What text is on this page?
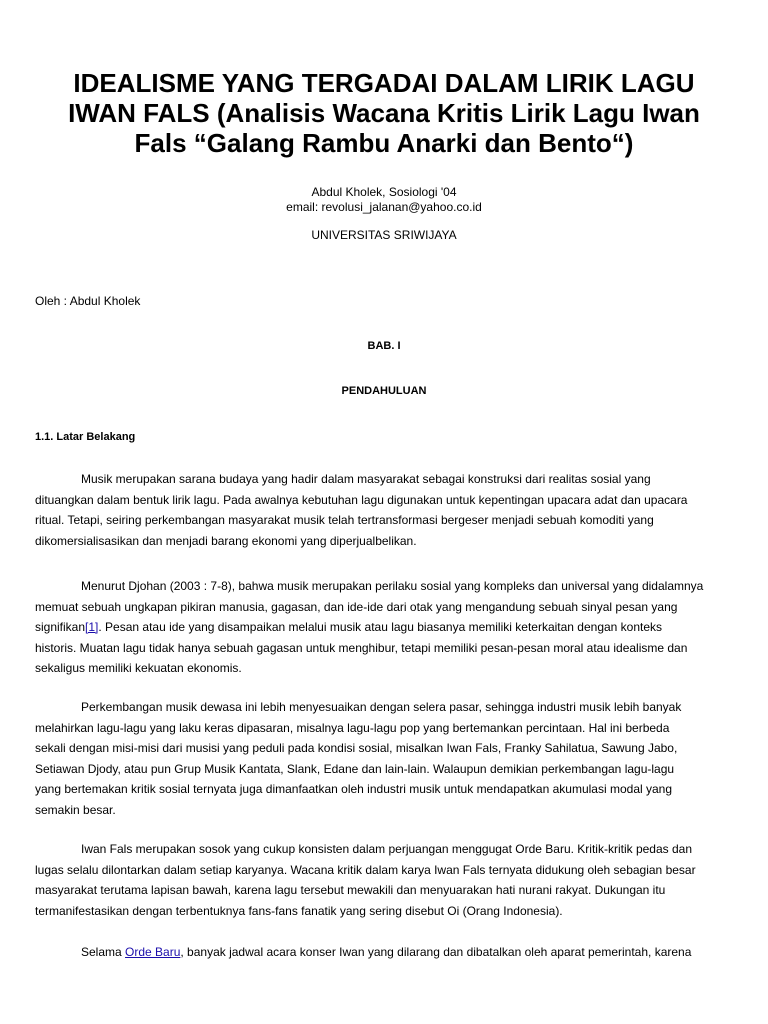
IDEALISME YANG TERGADAI DALAM LIRIK LAGU
IWAN FALS (Analisis Wacana Kritis Lirik Lagu Iwan
Fals “Galang Rambu Anarki dan Bento“)
Abdul Kholek, Sosiologi '04
email: revolusi_jalanan@yahoo.co.id
UNIVERSITAS SRIWIJAYA
Oleh : Abdul Kholek
BAB. I
PENDAHULUAN
1.1. Latar Belakang
Musik merupakan sarana budaya yang hadir dalam masyarakat sebagai konstruksi dari realitas sosial yang
dituangkan dalam bentuk lirik lagu. Pada awalnya kebutuhan lagu digunakan untuk kepentingan upacara adat dan upacara
ritual. Tetapi, seiring perkembangan masyarakat musik telah tertransformasi bergeser menjadi sebuah komoditi yang
dikomersialisasikan dan menjadi barang ekonomi yang diperjualbelikan.
Menurut Djohan (2003 : 7-8), bahwa musik merupakan perilaku sosial yang kompleks dan universal yang didalamnya
memuat sebuah ungkapan pikiran manusia, gagasan, dan ide-ide dari otak yang mengandung sebuah sinyal pesan yang
signifikan[1]. Pesan atau ide yang disampaikan melalui musik atau lagu biasanya memiliki keterkaitan dengan konteks
historis. Muatan lagu tidak hanya sebuah gagasan untuk menghibur, tetapi memiliki pesan-pesan moral atau idealisme dan
sekaligus memiliki kekuatan ekonomis.
Perkembangan musik dewasa ini lebih menyesuaikan dengan selera pasar, sehingga industri musik lebih banyak
melahirkan lagu-lagu yang laku keras dipasaran, misalnya lagu-lagu pop yang bertemankan percintaan. Hal ini berbeda
sekali dengan misi-misi dari musisi yang peduli pada kondisi sosial, misalkan Iwan Fals, Franky Sahilatua, Sawung Jabo,
Setiawan Djody, atau pun Grup Musik Kantata, Slank, Edane dan lain-lain. Walaupun demikian perkembangan lagu-lagu
yang bertemakan kritik sosial ternyata juga dimanfaatkan oleh industri musik untuk mendapatkan akumulasi modal yang
semakin besar.
Iwan Fals merupakan sosok yang cukup konsisten dalam perjuangan menggugat Orde Baru. Kritik-kritik pedas dan
lugas selalu dilontarkan dalam setiap karyanya. Wacana kritik dalam karya Iwan Fals ternyata didukung oleh sebagian besar
masyarakat terutama lapisan bawah, karena lagu tersebut mewakili dan menyuarakan hati nurani rakyat. Dukungan itu
termanifestasikan dengan terbentuknya fans-fans fanatik yang sering disebut Oi (Orang Indonesia).
Selama Orde Baru, banyak jadwal acara konser Iwan yang dilarang dan dibatalkan oleh aparat pemerintah, karena
